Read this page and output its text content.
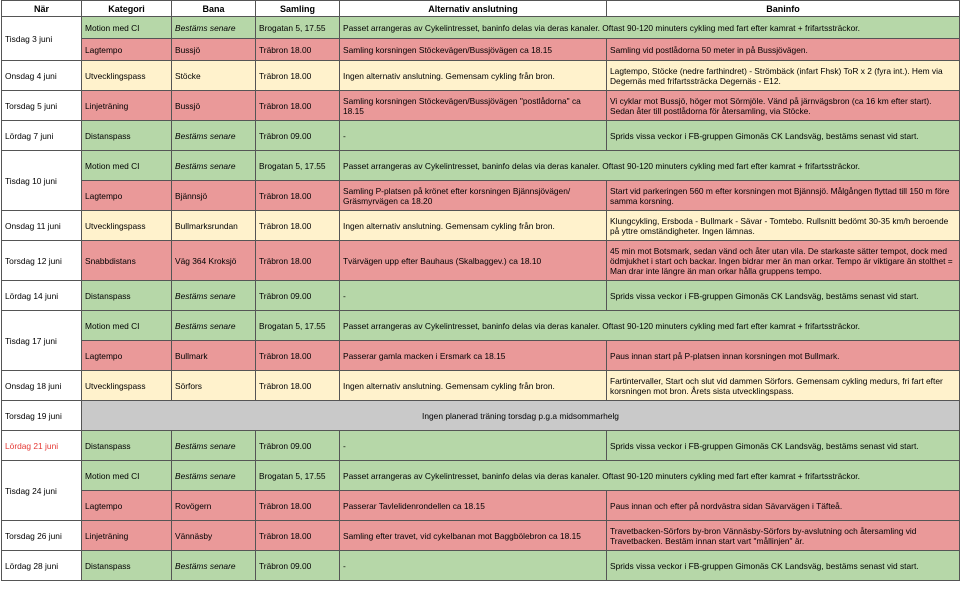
När	Kategori	Bana	Samling	Alternativ anslutning	Baninfo
Tisdag 3 juni	Motion med CI	Bestäms senare	Brogatan 5, 17.55	Passet arrangeras av Cykelintresset, baninfo delas via deras kanaler. Oftast 90-120 minuters cykling med fart efter kamrat + frifartssträckor.	
	Lagtempo	Bussjö	Träbron 18.00	Samling korsningen Stöckevägen/Bussjövägen ca 18.15	Samling vid postlådorna 50 meter in på Bussjövägen.
Onsdag 4 juni	Utvecklingspass	Stöcke	Träbron 18.00	Ingen alternativ anslutning. Gemensam cykling från bron.	Lagtempo, Stöcke (nedre farthindret) - Strömbäck (infart Fhsk) ToR x 2 (fyra int.). Hem via Degernäs med frifartssträcka Degernäs - E12.
Torsdag 5 juni	Linjeträning	Bussjö	Träbron 18.00	Samling korsningen Stöckevägen/Bussjövägen "postlådorna" ca 18.15	Vi cyklar mot Bussjö, höger mot Sörmjöle. Vänd på järnvägsbron (ca 16 km efter start). Sedan åter till postlådorna för återsamling, via Stöcke.
Lördag 7 juni	Distanspass	Bestäms senare	Träbron 09.00	-	Sprids vissa veckor i FB-gruppen Gimonäs CK Landsväg, bestäms senast vid start.
Tisdag 10 juni	Motion med CI	Bestäms senare	Brogatan 5, 17.55	Passet arrangeras av Cykelintresset, baninfo delas via deras kanaler. Oftast 90-120 minuters cykling med fart efter kamrat + frifartssträckor.	
	Lagtempo	Bjännsjö	Träbron 18.00	Samling P-platsen på krönet efter korsningen Bjännsjövägen/ Gräsmyrvägen ca 18.20	Start vid parkeringen 560 m efter korsningen mot Bjännsjö. Målgången flyttad till 150 m före samma korsning.
Onsdag 11 juni	Utvecklingspass	Bullmarksrundan	Träbron 18.00	Ingen alternativ anslutning. Gemensam cykling från bron.	Klungcykling, Ersboda - Bullmark - Sävar - Tomtebo. Rullsnitt bedömt 30-35 km/h beroende på yttre omständigheter. Ingen lämnas.
Torsdag 12 juni	Snabbdistans	Väg 364 Kroksjö	Träbron 18.00	Tvärvägen upp efter Bauhaus (Skalbaggev.) ca 18.10	45 min mot Botsmark, sedan vänd och åter utan vila. De starkaste sätter tempot, dock med ödmjukhet i start och backar. Ingen bidrar mer än man orkar. Tempo är viktigare än stolthet = Man drar inte längre än man orkar hålla gruppens tempo.
Lördag 14 juni	Distanspass	Bestäms senare	Träbron 09.00	-	Sprids vissa veckor i FB-gruppen Gimonäs CK Landsväg, bestäms senast vid start.
Tisdag 17 juni	Motion med CI	Bestäms senare	Brogatan 5, 17.55	Passet arrangeras av Cykelintresset, baninfo delas via deras kanaler. Oftast 90-120 minuters cykling med fart efter kamrat + frifartssträckor.	
	Lagtempo	Bullmark	Träbron 18.00	Passerar gamla macken i Ersmark ca 18.15	Paus innan start på P-platsen innan korsningen mot Bullmark.
Onsdag 18 juni	Utvecklingspass	Sörfors	Träbron 18.00	Ingen alternativ anslutning. Gemensam cykling från bron.	Fartintervaller, Start och slut vid dammen Sörfors. Gemensam cykling medurs, fri fart efter korsningen mot bron. Årets sista utvecklingspass.
Torsdag 19 juni	Ingen planerad träning torsdag p.g.a midsommarhelg				
Lördag 21 juni	Distanspass	Bestäms senare	Träbron 09.00	-	Sprids vissa veckor i FB-gruppen Gimonäs CK Landsväg, bestäms senast vid start.
Tisdag 24 juni	Motion med CI	Bestäms senare	Brogatan 5, 17.55	Passet arrangeras av Cykelintresset, baninfo delas via deras kanaler. Oftast 90-120 minuters cykling med fart efter kamrat + frifartssträckor.	
	Lagtempo	Rovögern	Träbron 18.00	Passerar Tavlelidenrondellen ca 18.15	Paus innan och efter på nordvästra sidan Sävarvägen i Täfteå.
Torsdag 26 juni	Linjeträning	Vännäsby	Träbron 18.00	Samling efter travet, vid cykelbanan mot Baggbölebron ca 18.15	Travetbacken-Sörfors by-bron Vännäsby-Sörfors by-avslutning och återsamling vid Travetbacken. Bestäm innan start vart "mållinjen" är.
Lördag 28 juni	Distanspass	Bestäms senare	Träbron 09.00	-	Sprids vissa veckor i FB-gruppen Gimonäs CK Landsväg, bestäms senast vid start.
